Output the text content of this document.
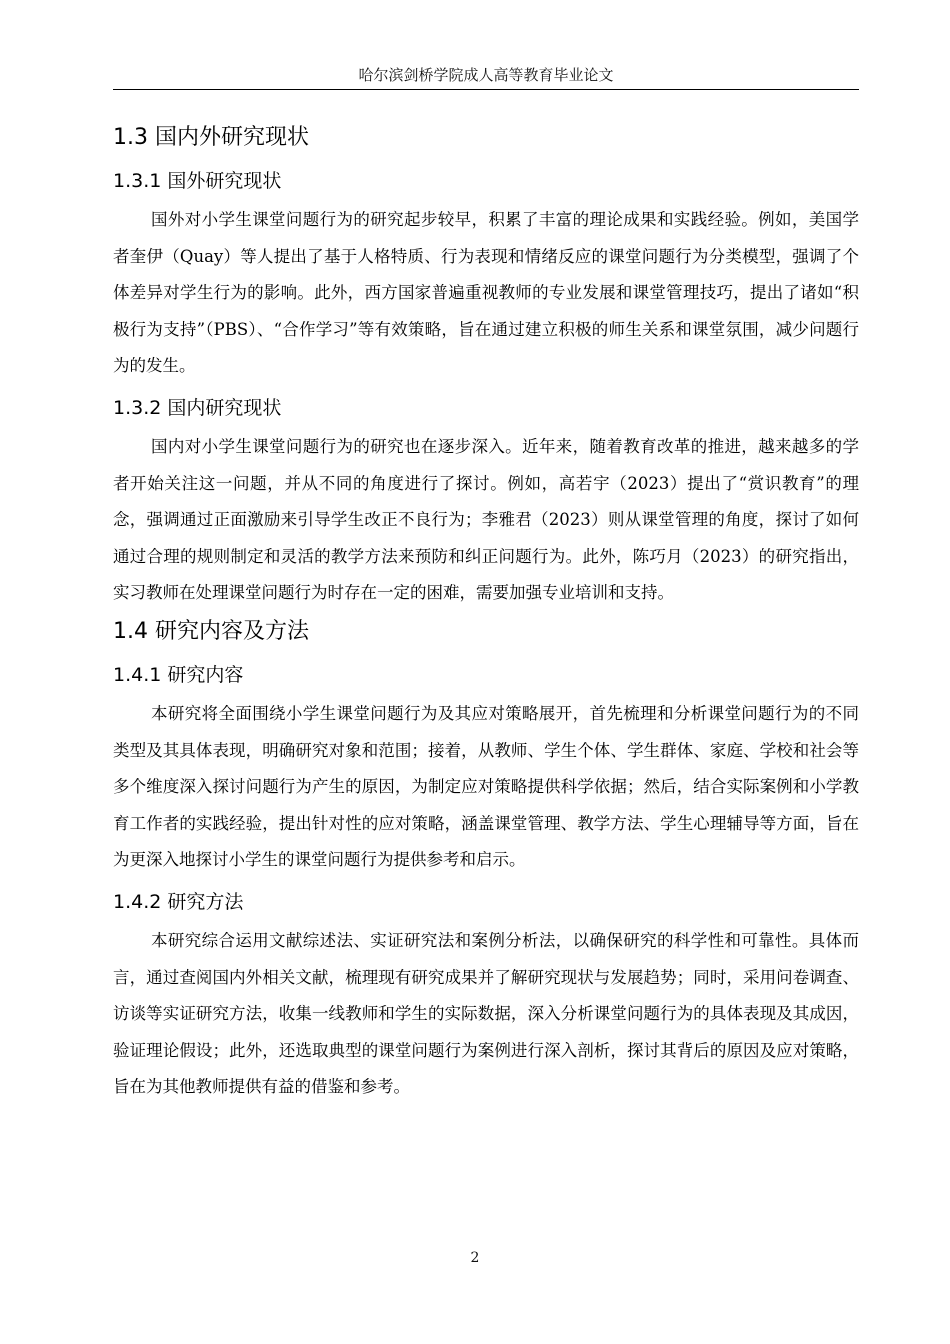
哈尔滨剑桥学院成人高等教育毕业论文
1.3 国内外研究现状
1.3.1 国外研究现状

国外对小学生课堂问题行为的研究起步较早，积累了丰富的理论成果和实践经验。例如，美国学者奎伊（Quay）等人提出了基于人格特质、行为表现和情绪反应的课堂问题行为分类模型，强调了个体差异对学生行为的影响。此外，西方国家普遍重视教师的专业发展和课堂管理技巧，提出了诸如“积极行为支持”（PBS）、“合作学习”等有效策略，旨在通过建立积极的师生关系和课堂氛围，减少问题行为的发生。

1.3.2 国内研究现状

国内对小学生课堂问题行为的研究也在逐步深入。近年来，随着教育改革的推进，越来越多的学者开始关注这一问题，并从不同的角度进行了探讨。例如，高若宇（2023）提出了“赏识教育”的理念，强调通过正面激励来引导学生改正不良行为；李雅君（2023）则从课堂管理的角度，探讨了如何通过合理的规则制定和灵活的教学方法来预防和纠正问题行为。此外，陈巧月（2023）的研究指出，实习教师在处理课堂问题行为时存在一定的困难，需要加强专业培训和支持。

1.4 研究内容及方法
1.4.1 研究内容

本研究将全面围绕小学生课堂问题行为及其应对策略展开，首先梳理和分析课堂问题行为的不同类型及其具体表现，明确研究对象和范围；接着，从教师、学生个体、学生群体、家庭、学校和社会等多个维度深入探讨问题行为产生的原因，为制定应对策略提供科学依据；然后，结合实际案例和小学教育工作者的实践经验，提出针对性的应对策略，涵盖课堂管理、教学方法、学生心理辅导等方面，旨在为更深入地探讨小学生的课堂问题行为提供参考和启示。

1.4.2 研究方法

本研究综合运用文献综述法、实证研究法和案例分析法，以确保研究的科学性和可靠性。具体而言，通过查阅国内外相关文献，梳理现有研究成果并了解研究现状与发展趋势；同时，采用问卷调查、访谈等实证研究方法，收集一线教师和学生的实际数据，深入分析课堂问题行为的具体表现及其成因，验证理论假设；此外，还选取典型的课堂问题行为案例进行深入剖析，探讨其背后的原因及应对策略，旨在为其他教师提供有益的借鉴和参考。

2
